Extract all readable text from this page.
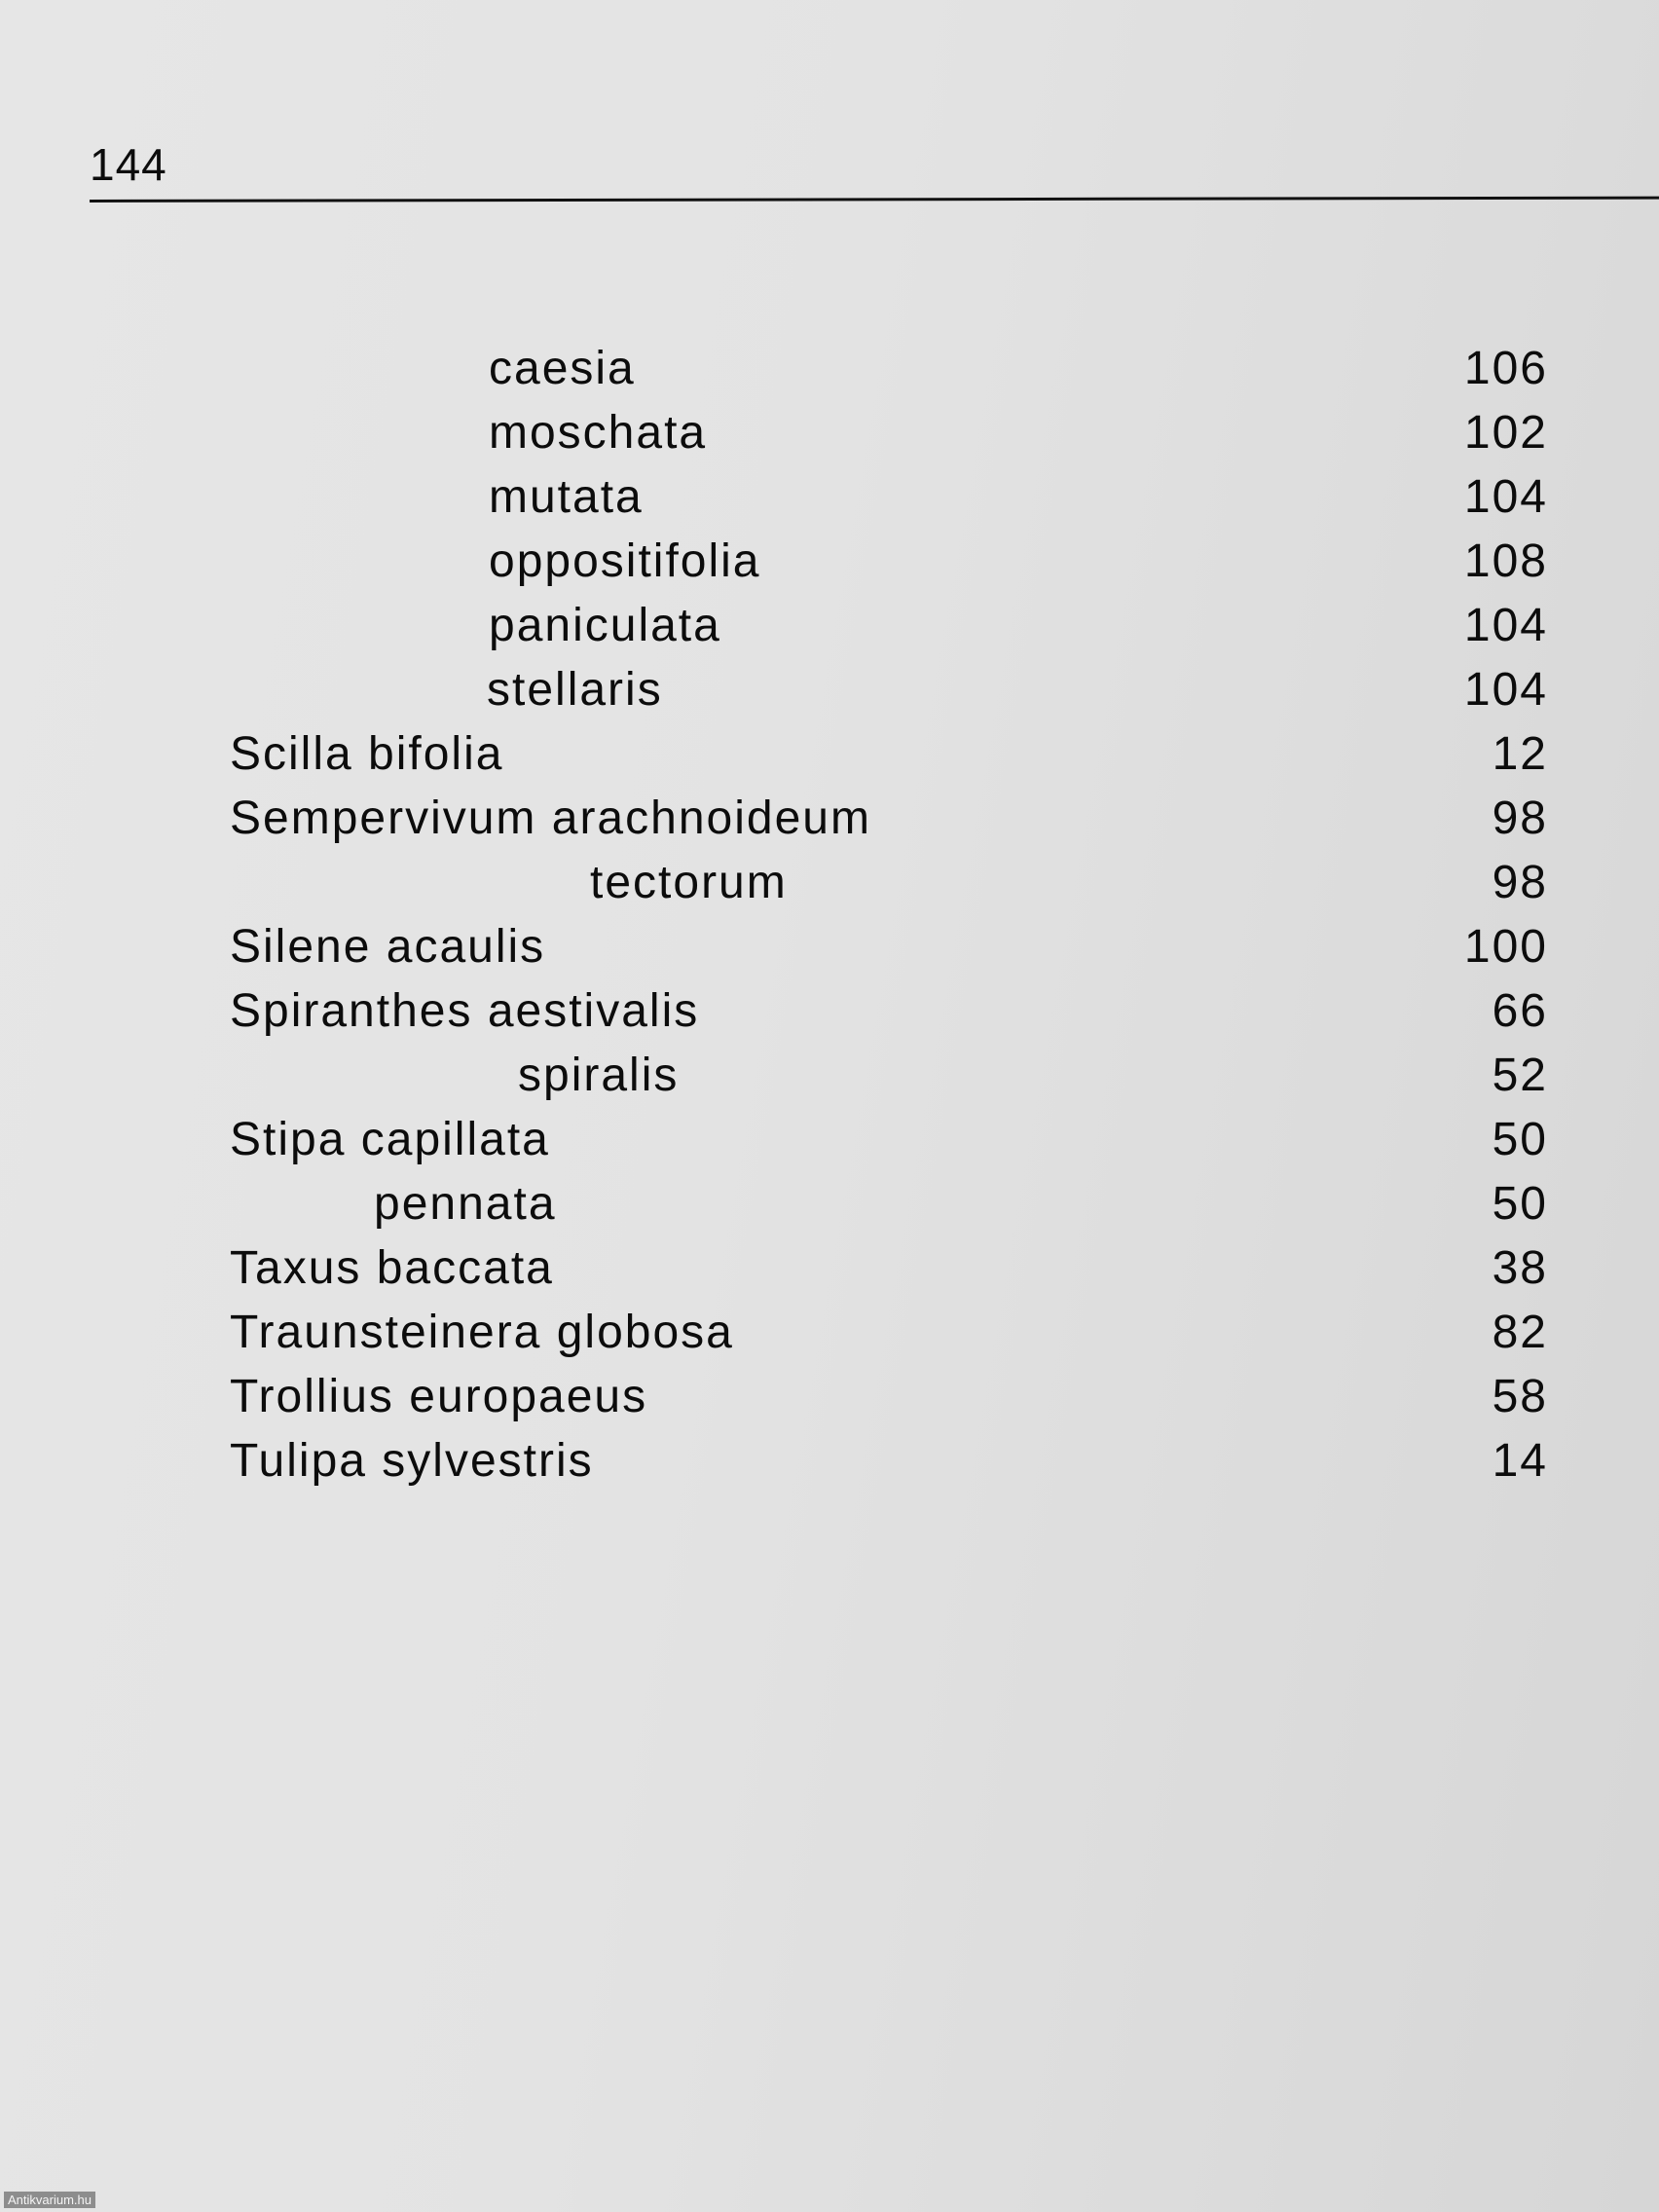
144
caesia	106
moschata	102
mutata	104
oppositifolia	108
paniculata	104
stellaris	104
Scilla bifolia	12
Sempervivum arachnoideum	98
tectorum	98
Silene acaulis	100
Spiranthes aestivalis	66
spiralis	52
Stipa capillata	50
pennata	50
Taxus baccata	38
Traunsteinera globosa	82
Trollius europaeus	58
Tulipa sylvestris	14
Antikvarium.hu
